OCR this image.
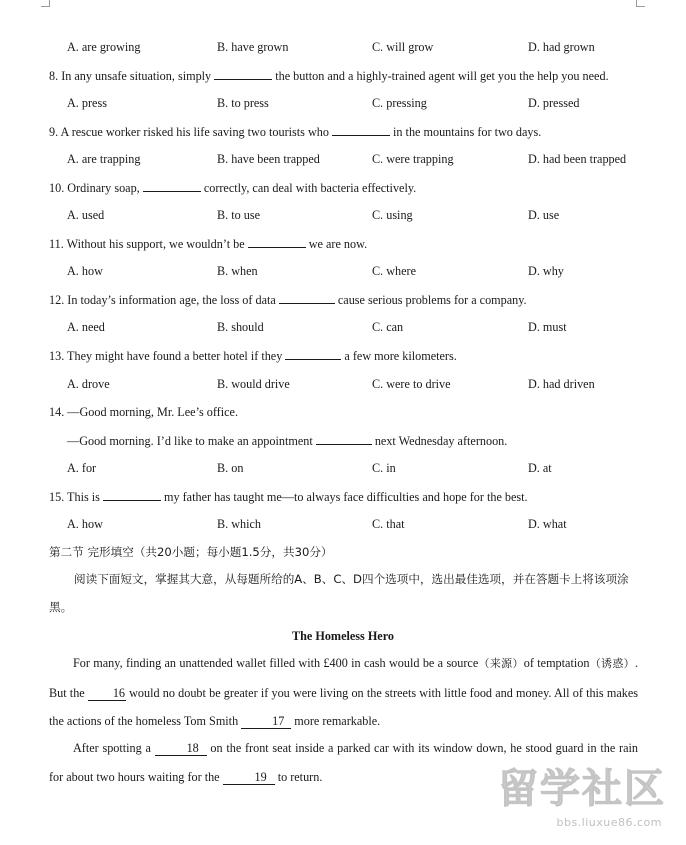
A. are growing	B. have grown	C. will grow	D. had grown
8. In any unsafe situation, simply	the button and a highly-trained agent will get you the help you need.
A. press	B. to press	C. pressing	D. pressed
9. A rescue worker risked his life saving two tourists who	in the mountains for two days.
A. are trapping	B. have been trapped	C. were trapping	D. had been trapped
10. Ordinary soap,	correctly, can deal with bacteria effectively.
A. used	B. to use	C. using	D. use
11. Without his support, we wouldn’t be	we are now.
A. how	B. when	C. where	D. why
12. In today’s information age, the loss of data	cause serious problems for a company.
A. need	B. should	C. can	D. must
13. They might have found a better hotel if they	a few more kilometers.
A. drove	B. would drive	C. were to drive	D. had driven
14. —Good morning, Mr. Lee’s office.
—Good morning. I’d like to make an appointment	next Wednesday afternoon.
A. for	B. on	C. in	D. at
15. This is	my father has taught me—to always face difficulties and hope for the best.
A. how	B. which	C. that	D. what
第二节 完形填空（共20小题；每小题1.5分，共30分）
阅读下面短文，掌握其大意，从每题所给的A、B、C、D四个选项中，选出最佳选项，并在答题卡上将该项涂黑。
The Homeless Hero
For many, finding an unattended wallet filled with £400 in cash would be a source（来源）of temptation（诱惑）. But the 16 would no doubt be greater if you were living on the streets with little food and money. All of this makes the actions of the homeless Tom Smith	17 more remarkable.
After spotting a	18 on the front seat inside a parked car with its window down, he stood guard in the rain for about two hours waiting for the	19 to return.	留学社区
bbs.liuxue86.com
